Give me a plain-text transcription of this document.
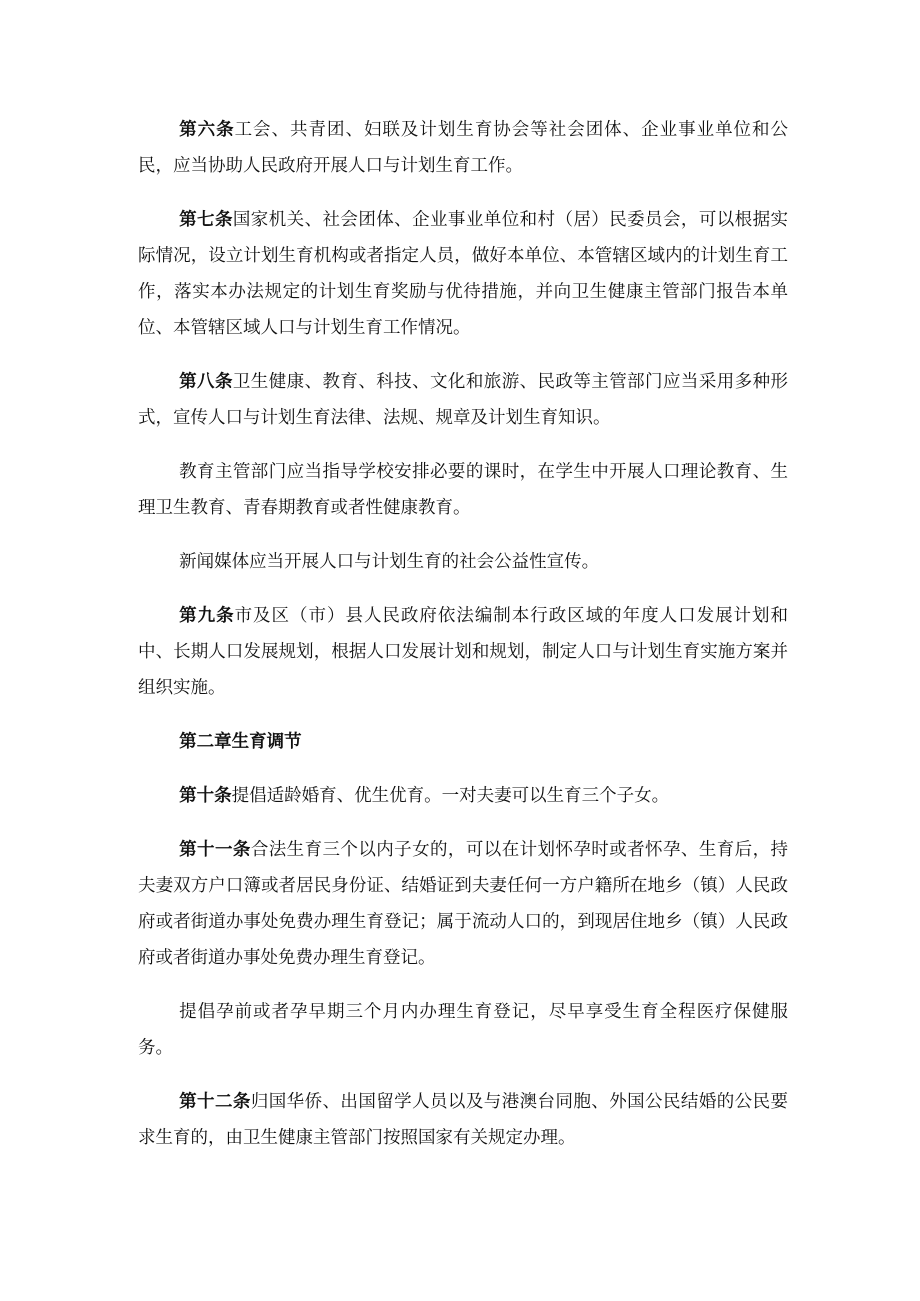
第六条工会、共青团、妇联及计划生育协会等社会团体、企业事业单位和公民，应当协助人民政府开展人口与计划生育工作。

第七条国家机关、社会团体、企业事业单位和村（居）民委员会，可以根据实际情况，设立计划生育机构或者指定人员，做好本单位、本管辖区域内的计划生育工作，落实本办法规定的计划生育奖励与优待措施，并向卫生健康主管部门报告本单位、本管辖区域人口与计划生育工作情况。

第八条卫生健康、教育、科技、文化和旅游、民政等主管部门应当采用多种形式，宣传人口与计划生育法律、法规、规章及计划生育知识。

教育主管部门应当指导学校安排必要的课时，在学生中开展人口理论教育、生理卫生教育、青春期教育或者性健康教育。

新闻媒体应当开展人口与计划生育的社会公益性宣传。

第九条市及区（市）县人民政府依法编制本行政区域的年度人口发展计划和中、长期人口发展规划，根据人口发展计划和规划，制定人口与计划生育实施方案并组织实施。

第二章生育调节

第十条提倡适龄婚育、优生优育。一对夫妻可以生育三个子女。

第十一条合法生育三个以内子女的，可以在计划怀孕时或者怀孕、生育后，持夫妻双方户口簿或者居民身份证、结婚证到夫妻任何一方户籍所在地乡（镇）人民政府或者街道办事处免费办理生育登记；属于流动人口的，到现居住地乡（镇）人民政府或者街道办事处免费办理生育登记。

提倡孕前或者孕早期三个月内办理生育登记，尽早享受生育全程医疗保健服务。

第十二条归国华侨、出国留学人员以及与港澳台同胞、外国公民结婚的公民要求生育的，由卫生健康主管部门按照国家有关规定办理。
